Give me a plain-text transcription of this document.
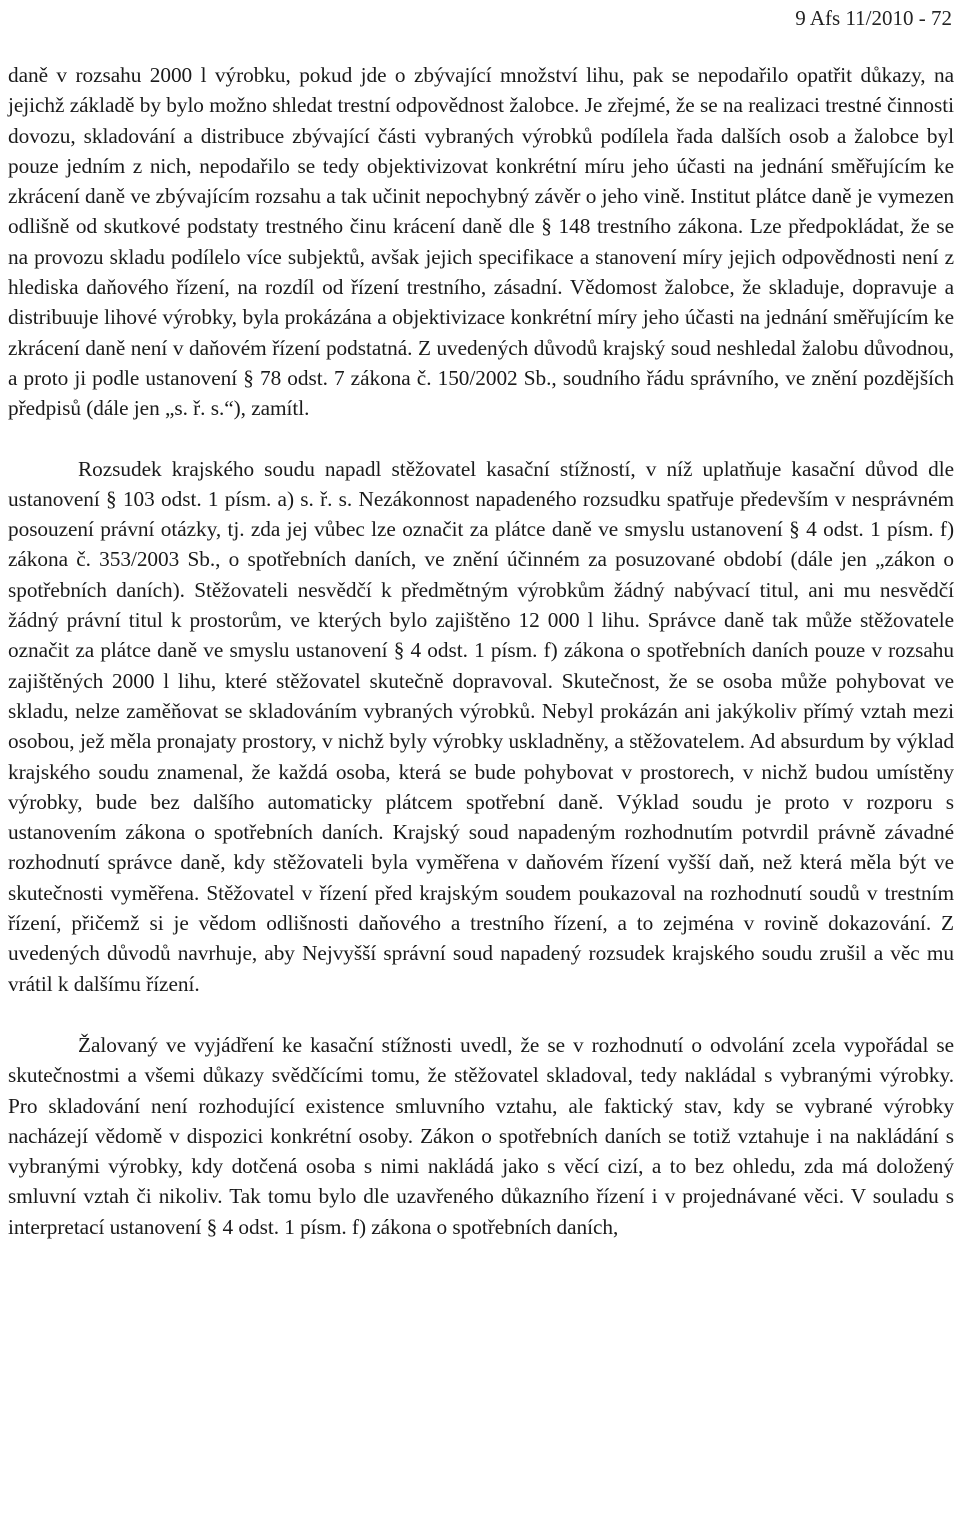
9 Afs 11/2010 - 72

daně v rozsahu 2000 l výrobku, pokud jde o zbývající množství lihu, pak se nepodařilo opatřit důkazy, na jejichž základě by bylo možno shledat trestní odpovědnost žalobce. Je zřejmé, že se na realizaci trestné činnosti dovozu, skladování a distribuce zbývající části vybraných výrobků podílela řada dalších osob a žalobce byl pouze jedním z nich, nepodařilo se tedy objektivizovat konkrétní míru jeho účasti na jednání směřujícím ke zkrácení daně ve zbývajícím rozsahu a tak učinit nepochybný závěr o jeho vině. Institut plátce daně je vymezen odlišně od skutkové podstaty trestného činu krácení daně dle § 148 trestního zákona. Lze předpokládat, že se na provozu skladu podílelo více subjektů, avšak jejich specifikace a stanovení míry jejich odpovědnosti není z hlediska daňového řízení, na rozdíl od řízení trestního, zásadní. Vědomost žalobce, že skladuje, dopravuje a distribuuje lihové výrobky, byla prokázána a objektivizace konkrétní míry jeho účasti na jednání směřujícím ke zkrácení daně není v daňovém řízení podstatná. Z uvedených důvodů krajský soud neshledal žalobu důvodnou, a proto ji podle ustanovení § 78 odst. 7 zákona č. 150/2002 Sb., soudního řádu správního, ve znění pozdějších předpisů (dále jen „s. ř. s.“), zamítl.

Rozsudek krajského soudu napadl stěžovatel kasační stížností, v níž uplatňuje kasační důvod dle ustanovení § 103 odst. 1 písm. a) s. ř. s. Nezákonnost napadeného rozsudku spatřuje především v nesprávném posouzení právní otázky, tj. zda jej vůbec lze označit za plátce daně ve smyslu ustanovení § 4 odst. 1 písm. f) zákona č. 353/2003 Sb., o spotřebních daních, ve znění účinném za posuzované období (dále jen „zákon o spotřebních daních). Stěžovateli nesvědčí k předmětným výrobkům žádný nabývací titul, ani mu nesvědčí žádný právní titul k prostorům, ve kterých bylo zajištěno 12 000 l lihu. Správce daně tak může stěžovatele označit za plátce daně ve smyslu ustanovení § 4 odst. 1 písm. f) zákona o spotřebních daních pouze v rozsahu zajištěných 2000 l lihu, které stěžovatel skutečně dopravoval. Skutečnost, že se osoba může pohybovat ve skladu, nelze zaměňovat se skladováním vybraných výrobků. Nebyl prokázán ani jakýkoliv přímý vztah mezi osobou, jež měla pronajaty prostory, v nichž byly výrobky uskladněny, a stěžovatelem. Ad absurdum by výklad krajského soudu znamenal, že každá osoba, která se bude pohybovat v prostorech, v nichž budou umístěny výrobky, bude bez dalšího automaticky plátcem spotřební daně. Výklad soudu je proto v rozporu s ustanovením zákona o spotřebních daních. Krajský soud napadeným rozhodnutím potvrdil právně závadné rozhodnutí správce daně, kdy stěžovateli byla vyměřena v daňovém řízení vyšší daň, než která měla být ve skutečnosti vyměřena. Stěžovatel v řízení před krajským soudem poukazoval na rozhodnutí soudů v trestním řízení, přičemž si je vědom odlišnosti daňového a trestního řízení, a to zejména v rovině dokazování. Z uvedených důvodů navrhuje, aby Nejvyšší správní soud napadený rozsudek krajského soudu zrušil a věc mu vrátil k dalšímu řízení.

Žalovaný ve vyjádření ke kasační stížnosti uvedl, že se v rozhodnutí o odvolání zcela vypořádal se skutečnostmi a všemi důkazy svědčícími tomu, že stěžovatel skladoval, tedy nakládal s vybranými výrobky. Pro skladování není rozhodující existence smluvního vztahu, ale faktický stav, kdy se vybrané výrobky nacházejí vědomě v dispozici konkrétní osoby. Zákon o spotřebních daních se totiž vztahuje i na nakládání s vybranými výrobky, kdy dotčená osoba s nimi nakládá jako s věcí cizí, a to bez ohledu, zda má doložený smluvní vztah či nikoliv. Tak tomu bylo dle uzavřeného důkazního řízení i v projednávané věci. V souladu s interpretací ustanovení § 4 odst. 1 písm. f) zákona o spotřebních daních,
